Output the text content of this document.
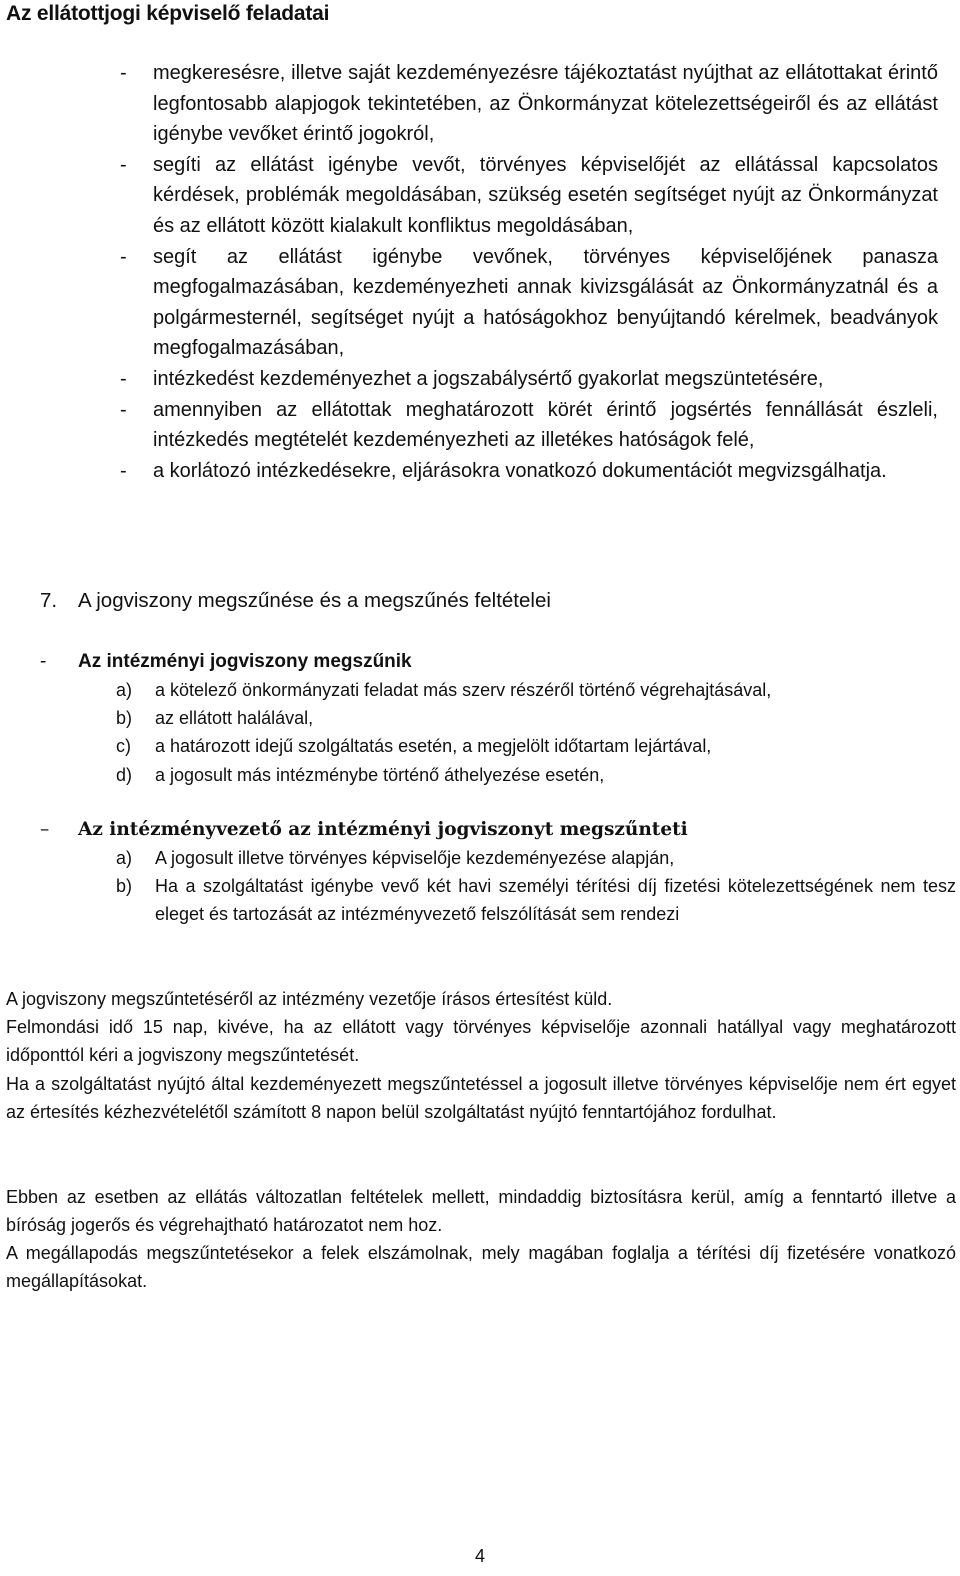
Az ellátottjogi képviselő feladatai
- megkeresésre, illetve saját kezdeményezésre tájékoztatást nyújthat az ellátottakat érintő legfontosabb alapjogok tekintetében, az Önkormányzat kötelezettségeiről és az ellátást igénybe vevőket érintő jogokról,
- segíti az ellátást igénybe vevőt, törvényes képviselőjét az ellátással kapcsolatos kérdések, problémák megoldásában, szükség esetén segítséget nyújt az Önkormányzat és az ellátott között kialakult konfliktus megoldásában,
- segít az ellátást igénybe vevőnek, törvényes képviselőjének panasza megfogalmazásában, kezdeményezheti annak kivizsgálását az Önkormányzatnál és a polgármesternél, segítséget nyújt a hatóságokhoz benyújtandó kérelmek, beadványok megfogalmazásában,
- intézkedést kezdeményezhet a jogszabálysértő gyakorlat megszüntetésére,
- amennyiben az ellátottak meghatározott körét érintő jogsértés fennállását észleli, intézkedés megtételét kezdeményezheti az illetékes hatóságok felé,
- a korlátozó intézkedésekre, eljárásokra vonatkozó dokumentációt megvizsgálhatja.
7. A jogviszony megszűnése és a megszűnés feltételei
- Az intézményi jogviszony megszűnik
a) a kötelező önkormányzati feladat más szerv részéről történő végrehajtásával,
b) az ellátott halálával,
c) a határozott idejű szolgáltatás esetén, a megjelölt időtartam lejártával,
d) a jogosult más intézménybe történő áthelyezése esetén,
– Az intézményvezető az intézményi jogviszonyt megszűnteti
a) A jogosult illetve törvényes képviselője kezdeményezése alapján,
b) Ha a szolgáltatást igénybe vevő két havi személyi térítési díj fizetési kötelezettségének nem tesz eleget és tartozását az intézményvezető felszólítását sem rendezi
A jogviszony megszűntetéséről az intézmény vezetője írásos értesítést küld.
Felmondási idő 15 nap, kivéve, ha az ellátott vagy törvényes képviselője azonnali hatállyal vagy meghatározott időponttól kéri a jogviszony megszűntetését.
Ha a szolgáltatást nyújtó által kezdeményezett megszűntetéssel a jogosult illetve törvényes képviselője nem ért egyet az értesítés kézhezvételétől számított 8 napon belül szolgáltatást nyújtó fenntartójához fordulhat.
Ebben az esetben az ellátás változatlan feltételek mellett, mindaddig biztosításra kerül, amíg a fenntartó illetve a bíróság jogerős és végrehajtható határozatot nem hoz.
A megállapodás megszűntetésekor a felek elszámolnak, mely magában foglalja a térítési díj fizetésére vonatkozó megállapításokat.
4
